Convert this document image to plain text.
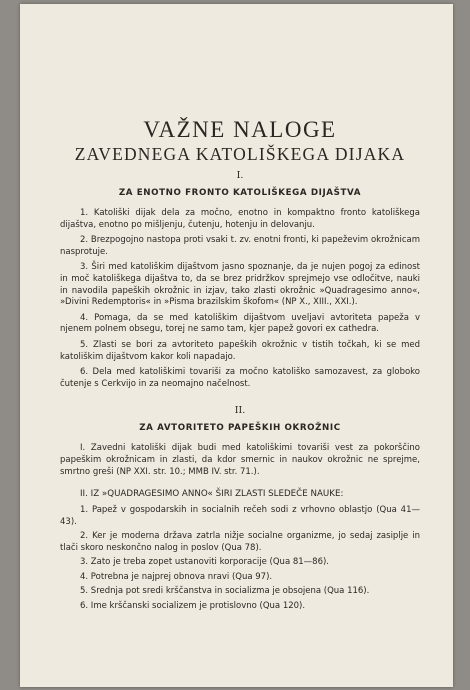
VAŽNE NALOGE
ZAVEDNEGA KATOLIŠKEGA DIJAKA
I.
ZA ENOTNO FRONTO KATOLIŠKEGA DIJAŠTVA

1. Katoliški dijak dela za močno, enotno in kompaktno fronto katoliškega dijaštva, enotno po mišljenju, čutenju, hotenju in delovanju.

2. Brezpogojno nastopa proti vsaki t. zv. enotni fronti, ki papeževim okrožnicam nasprotuje.

3. Širi med katoliškim dijaštvom jasno spoznanje, da je nujen pogoj za edinost in moč katoliškega dijaštva to, da se brez pridržkov sprejmejo vse odločitve, nauki in navodila papeških okrožnic in izjav, tako zlasti okrožnic »Quadragesimo anno«, »Divini Redemptoris« in »Pisma brazilskim škofom« (NP X., XIII., XXI.).

4. Pomaga, da se med katoliškim dijaštvom uveljavi avtoriteta papeža v njenem polnem obsegu, torej ne samo tam, kjer papež govori ex cathedra.

5. Zlasti se bori za avtoriteto papeških okrožnic v tistih točkah, ki se med katoliškim dijaštvom kakor koli napadajo.

6. Dela med katoliškimi tovariši za močno katoliško samozavest, za globoko čutenje s Cerkvijo in za neomajno načelnost.

II.
ZA AVTORITETO PAPEŠKIH OKROŽNIC

I. Zavedni katoliški dijak budi med katoliškimi tovariši vest za pokorščino papeškim okrožnicam in zlasti, da kdor smernic in naukov okrožnic ne sprejme, smrtno greši (NP XXI. str. 10.; MMB IV. str. 71.).

II. IZ »QUADRAGESIMO ANNO« ŠIRI ZLASTI SLEDEČE NAUKE:

1. Papež v gospodarskih in socialnih rečeh sodi z vrhovno oblastjo (Qua 41—43).

2. Ker je moderna država zatrla nižje socialne organizme, jo sedaj zasiplje in tlači skoro neskončno nalog in poslov (Qua 78).

3. Zato je treba zopet ustanoviti korporacije (Qua 81—86).

4. Potrebna je najprej obnova nravi (Qua 97).

5. Srednja pot sredi krščanstva in socializma je obsojena (Qua 116).

6. Ime krščanski socializem je protislovno (Qua 120).
